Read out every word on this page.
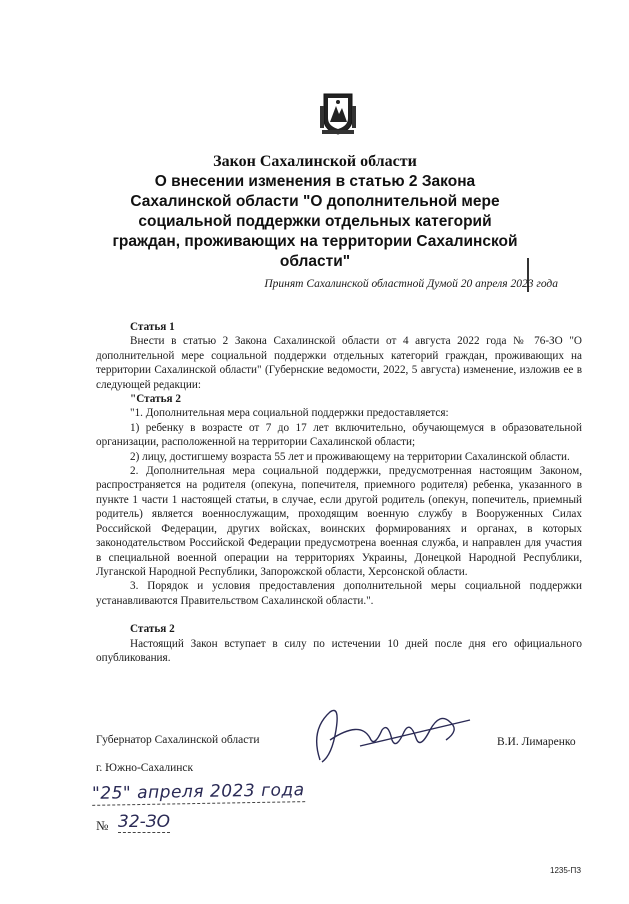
Закон Сахалинской области
О внесении изменения в статью 2 Закона
Сахалинской области "О дополнительной мере
социальной поддержки отдельных категорий
граждан, проживающих на территории Сахалинской
области"
Принят Сахалинской областной Думой 20 апреля 2023 года

Статья 1

Внести в статью 2 Закона Сахалинской области от 4 августа 2022 года № 76-ЗО "О дополнительной мере социальной поддержки отдельных категорий граждан, проживающих на территории Сахалинской области" (Губернские ведомости, 2022, 5 августа) изменение, изложив ее в следующей редакции:

"Статья 2

"1. Дополнительная мера социальной поддержки предоставляется:

1) ребенку в возрасте от 7 до 17 лет включительно, обучающемуся в образовательной организации, расположенной на территории Сахалинской области;

2) лицу, достигшему возраста 55 лет и проживающему на территории Сахалинской области.

2. Дополнительная мера социальной поддержки, предусмотренная настоящим Законом, распространяется на родителя (опекуна, попечителя, приемного родителя) ребенка, указанного в пункте 1 части 1 настоящей статьи, в случае, если другой родитель (опекун, попечитель, приемный родитель) является военнослужащим, проходящим военную службу в Вооруженных Силах Российской Федерации, других войсках, воинских формированиях и органах, в которых законодательством Российской Федерации предусмотрена военная служба, и направлен для участия в специальной военной операции на территориях Украины, Донецкой Народной Республики, Луганской Народной Республики, Запорожской области, Херсонской области.

3. Порядок и условия предоставления дополнительной меры социальной поддержки устанавливаются Правительством Сахалинской области.".

Статья 2

Настоящий Закон вступает в силу по истечении 10 дней после дня его официального опубликования.

Губернатор Сахалинской области	В.И. Лимаренко
г. Южно-Сахалинск
"25" апреля 2023 года
№ 32-ЗО
1235-ПЗ
